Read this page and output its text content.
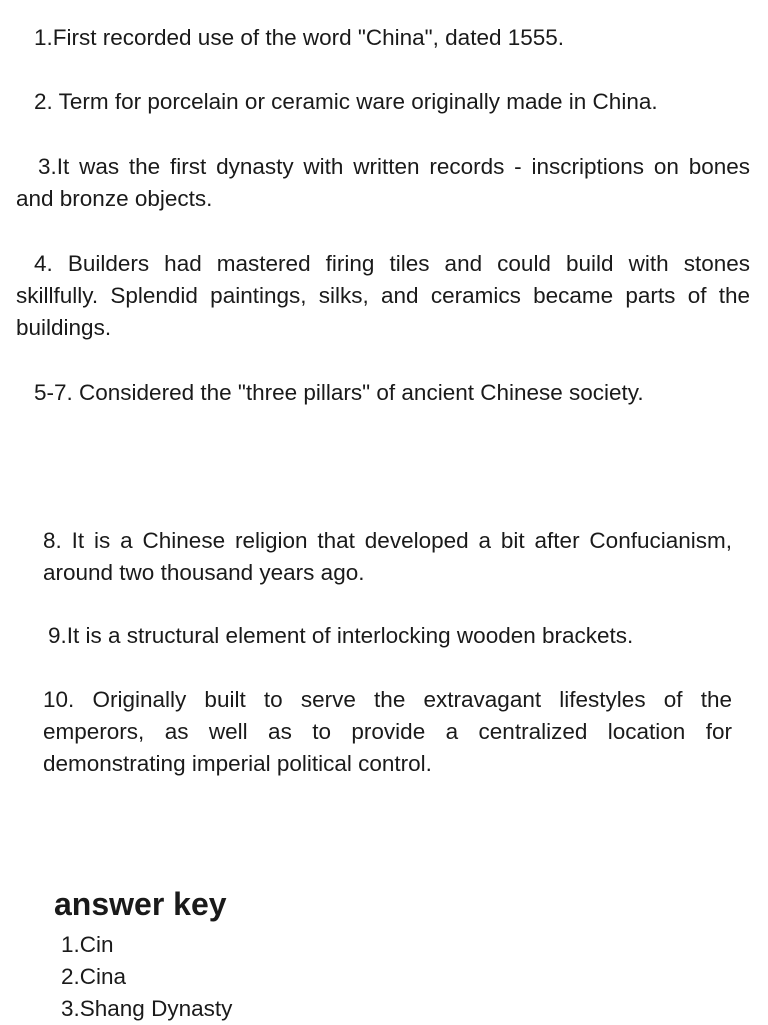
1.First recorded use of the word "China", dated 1555.

2. Term for porcelain or ceramic ware originally made in China.

3.It was the first dynasty with written records - inscriptions on bones and bronze objects.

4. Builders had mastered firing tiles and could build with stones skillfully. Splendid paintings, silks, and ceramics became parts of the buildings.

5-7. Considered the "three pillars" of ancient Chinese society.

8. It is a Chinese religion that developed a bit after Confucianism, around two thousand years ago.

9.It is a structural element of interlocking wooden brackets.

10. Originally built to serve the extravagant lifestyles of the emperors, as well as to provide a centralized location for demonstrating imperial political control.

answer key
1.Cin
2.Cina
3.Shang Dynasty
